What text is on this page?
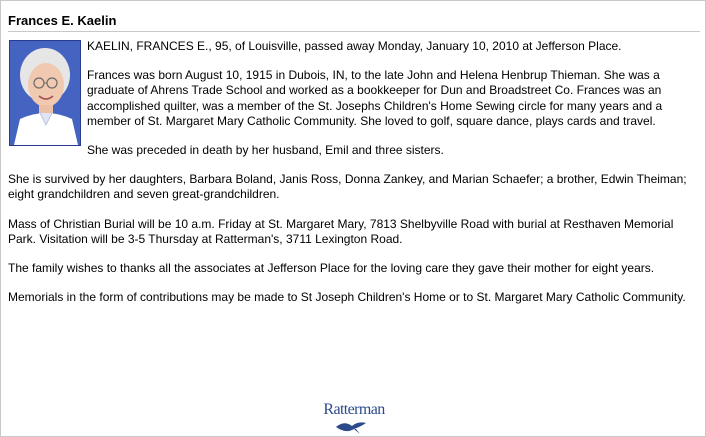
Frances E. Kaelin

KAELIN, FRANCES E., 95, of Louisville, passed away Monday, January 10, 2010 at Jefferson Place.

Frances was born August 10, 1915 in Dubois, IN, to the late John and Helena Henbrup Thieman. She was a graduate of Ahrens Trade School and worked as a bookkeeper for Dun and Broadstreet Co. Frances was an accomplished quilter, was a member of the St. Josephs Children's Home Sewing circle for many years and a member of St. Margaret Mary Catholic Community. She loved to golf, square dance, plays cards and travel.

She was preceded in death by her husband, Emil and three sisters.

She is survived by her daughters, Barbara Boland, Janis Ross, Donna Zankey, and Marian Schaefer; a brother, Edwin Theiman; eight grandchildren and seven great-grandchildren.

Mass of Christian Burial will be 10 a.m. Friday at St. Margaret Mary, 7813 Shelbyville Road with burial at Resthaven Memorial Park. Visitation will be 3-5 Thursday at Ratterman's, 3711 Lexington Road.

The family wishes to thanks all the associates at Jefferson Place for the loving care they gave their mother for eight years.

Memorials in the form of contributions may be made to St Joseph Children's Home or to St. Margaret Mary Catholic Community.

Ratterman
